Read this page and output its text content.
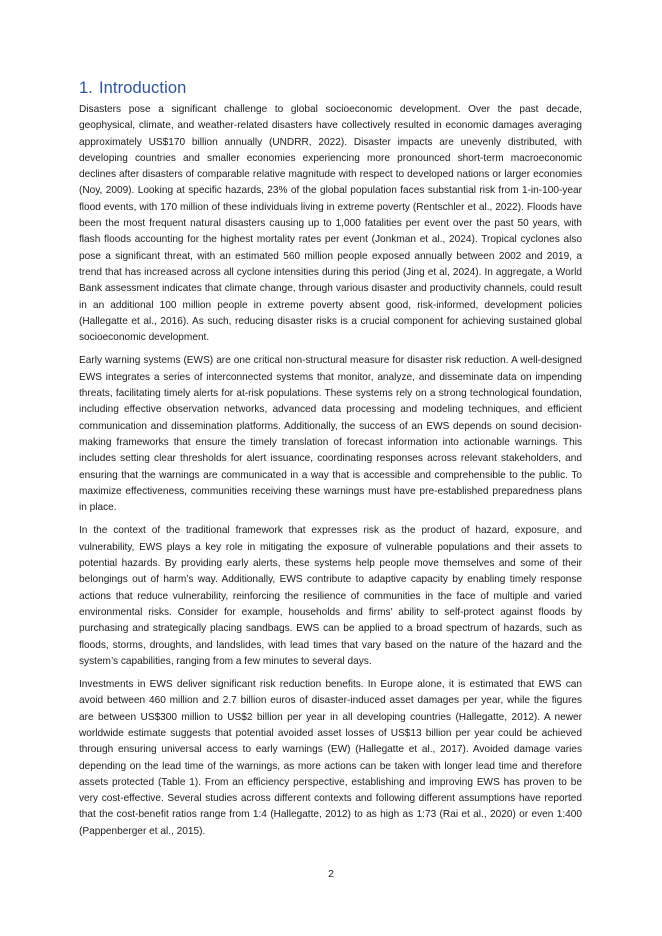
1. Introduction

Disasters pose a significant challenge to global socioeconomic development. Over the past decade, geophysical, climate, and weather-related disasters have collectively resulted in economic damages averaging approximately US$170 billion annually (UNDRR, 2022). Disaster impacts are unevenly distributed, with developing countries and smaller economies experiencing more pronounced short-term macroeconomic declines after disasters of comparable relative magnitude with respect to developed nations or larger economies (Noy, 2009). Looking at specific hazards, 23% of the global population faces substantial risk from 1-in-100-year flood events, with 170 million of these individuals living in extreme poverty (Rentschler et al., 2022). Floods have been the most frequent natural disasters causing up to 1,000 fatalities per event over the past 50 years, with flash floods accounting for the highest mortality rates per event (Jonkman et al., 2024). Tropical cyclones also pose a significant threat, with an estimated 560 million people exposed annually between 2002 and 2019, a trend that has increased across all cyclone intensities during this period (Jing et al, 2024). In aggregate, a World Bank assessment indicates that climate change, through various disaster and productivity channels, could result in an additional 100 million people in extreme poverty absent good, risk-informed, development policies (Hallegatte et al., 2016). As such, reducing disaster risks is a crucial component for achieving sustained global socioeconomic development.

Early warning systems (EWS) are one critical non-structural measure for disaster risk reduction. A well-designed EWS integrates a series of interconnected systems that monitor, analyze, and disseminate data on impending threats, facilitating timely alerts for at-risk populations. These systems rely on a strong technological foundation, including effective observation networks, advanced data processing and modeling techniques, and efficient communication and dissemination platforms. Additionally, the success of an EWS depends on sound decision-making frameworks that ensure the timely translation of forecast information into actionable warnings. This includes setting clear thresholds for alert issuance, coordinating responses across relevant stakeholders, and ensuring that the warnings are communicated in a way that is accessible and comprehensible to the public. To maximize effectiveness, communities receiving these warnings must have pre-established preparedness plans in place.

In the context of the traditional framework that expresses risk as the product of hazard, exposure, and vulnerability, EWS plays a key role in mitigating the exposure of vulnerable populations and their assets to potential hazards. By providing early alerts, these systems help people move themselves and some of their belongings out of harm’s way. Additionally, EWS contribute to adaptive capacity by enabling timely response actions that reduce vulnerability, reinforcing the resilience of communities in the face of multiple and varied environmental risks. Consider for example, households and firms’ ability to self-protect against floods by purchasing and strategically placing sandbags. EWS can be applied to a broad spectrum of hazards, such as floods, storms, droughts, and landslides, with lead times that vary based on the nature of the hazard and the system’s capabilities, ranging from a few minutes to several days.

Investments in EWS deliver significant risk reduction benefits. In Europe alone, it is estimated that EWS can avoid between 460 million and 2.7 billion euros of disaster-induced asset damages per year, while the figures are between US$300 million to US$2 billion per year in all developing countries (Hallegatte, 2012). A newer worldwide estimate suggests that potential avoided asset losses of US$13 billion per year could be achieved through ensuring universal access to early warnings (EW) (Hallegatte et al., 2017). Avoided damage varies depending on the lead time of the warnings, as more actions can be taken with longer lead time and therefore assets protected (Table 1). From an efficiency perspective, establishing and improving EWS has proven to be very cost-effective. Several studies across different contexts and following different assumptions have reported that the cost-benefit ratios range from 1:4 (Hallegatte, 2012) to as high as 1:73 (Rai et al., 2020) or even 1:400 (Pappenberger et al., 2015).

2
